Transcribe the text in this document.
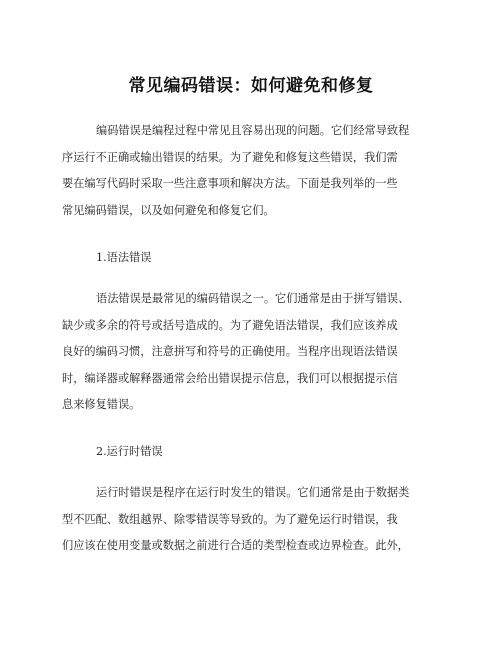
常见编码错误：如何避免和修复
编码错误是编程过程中常见且容易出现的问题。它们经常导致程
序运行不正确或输出错误的结果。为了避免和修复这些错误，我们需
要在编写代码时采取一些注意事项和解决方法。下面是我列举的一些
常见编码错误，以及如何避免和修复它们。
1.语法错误
语法错误是最常见的编码错误之一。它们通常是由于拼写错误、
缺少或多余的符号或括号造成的。为了避免语法错误，我们应该养成
良好的编码习惯，注意拼写和符号的正确使用。当程序出现语法错误
时，编译器或解释器通常会给出错误提示信息，我们可以根据提示信
息来修复错误。
2.运行时错误
运行时错误是程序在运行时发生的错误。它们通常是由于数据类
型不匹配、数组越界、除零错误等导致的。为了避免运行时错误，我
们应该在使用变量或数据之前进行合适的类型检查或边界检查。此外，
